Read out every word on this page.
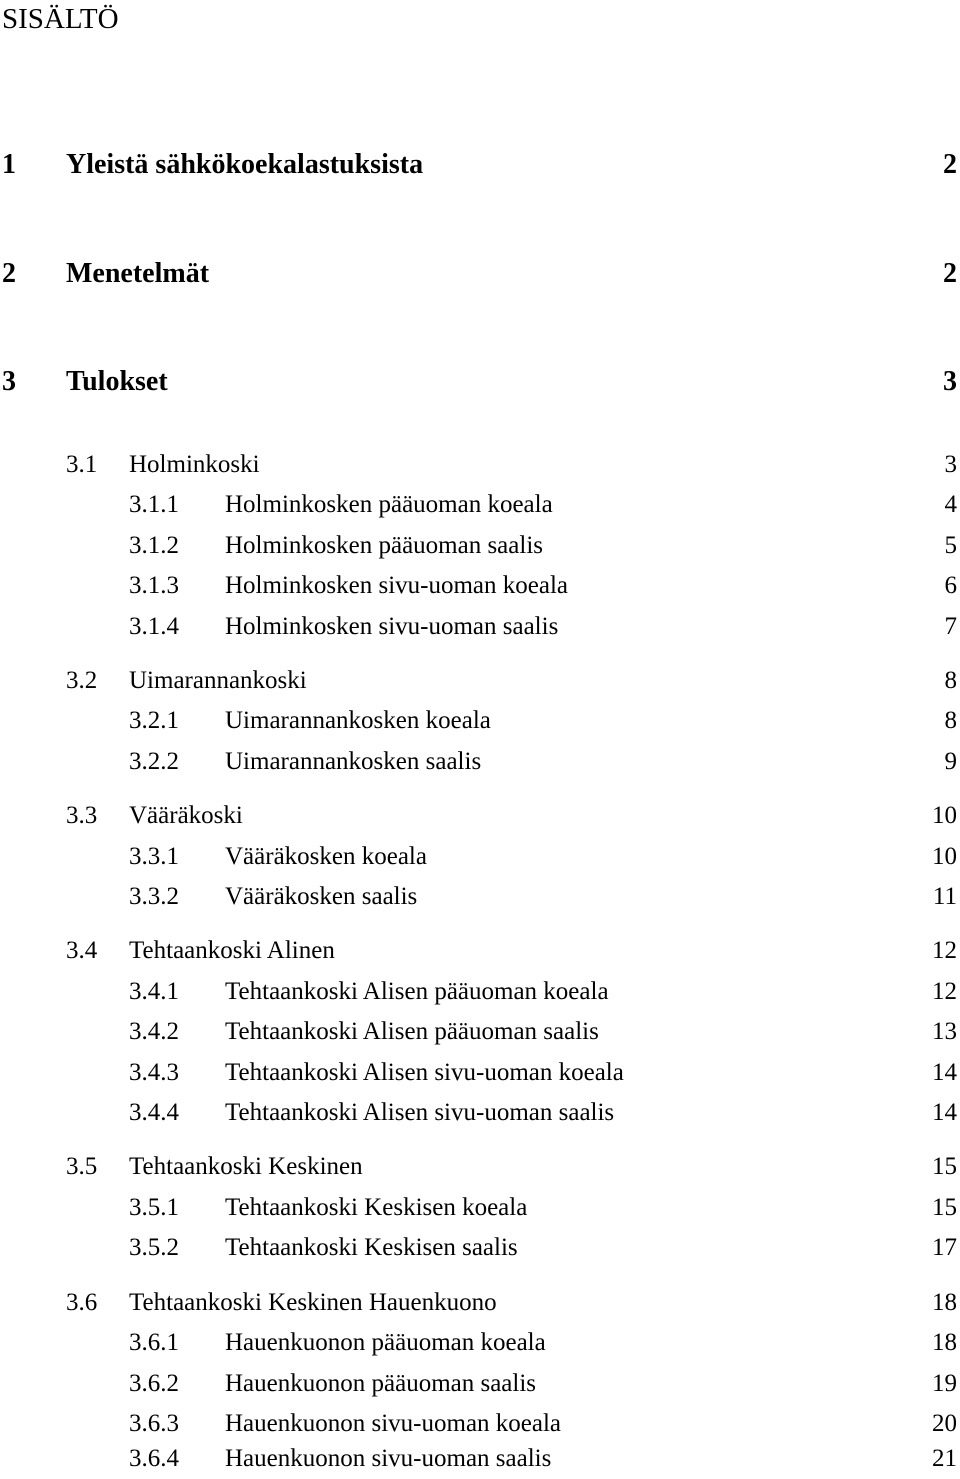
SISÄLTÖ
1 Yleistä sähkökoekalastuksista	2
2 Menetelmät	2
3 Tulokset	3
3.1 Holminkoski	3
3.1.1 Holminkosken pääuoman koeala	4
3.1.2 Holminkosken pääuoman saalis	5
3.1.3 Holminkosken sivu-uoman koeala	6
3.1.4 Holminkosken sivu-uoman saalis	7
3.2 Uimarannankoski	8
3.2.1 Uimarannankosken koeala	8
3.2.2 Uimarannankosken saalis	9
3.3 Vääräkoski	10
3.3.1 Vääräkosken koeala	10
3.3.2 Vääräkosken saalis	11
3.4 Tehtaankoski Alinen	12
3.4.1 Tehtaankoski Alisen pääuoman koeala	12
3.4.2 Tehtaankoski Alisen pääuoman saalis	13
3.4.3 Tehtaankoski Alisen sivu-uoman koeala	14
3.4.4 Tehtaankoski Alisen sivu-uoman saalis	14
3.5 Tehtaankoski Keskinen	15
3.5.1 Tehtaankoski Keskisen koeala	15
3.5.2 Tehtaankoski Keskisen saalis	17
3.6 Tehtaankoski Keskinen Hauenkuono	18
3.6.1 Hauenkuonon pääuoman koeala	18
3.6.2 Hauenkuonon pääuoman saalis	19
3.6.3 Hauenkuonon sivu-uoman koeala	20
3.6.4 Hauenkuonon sivu-uoman saalis	21
